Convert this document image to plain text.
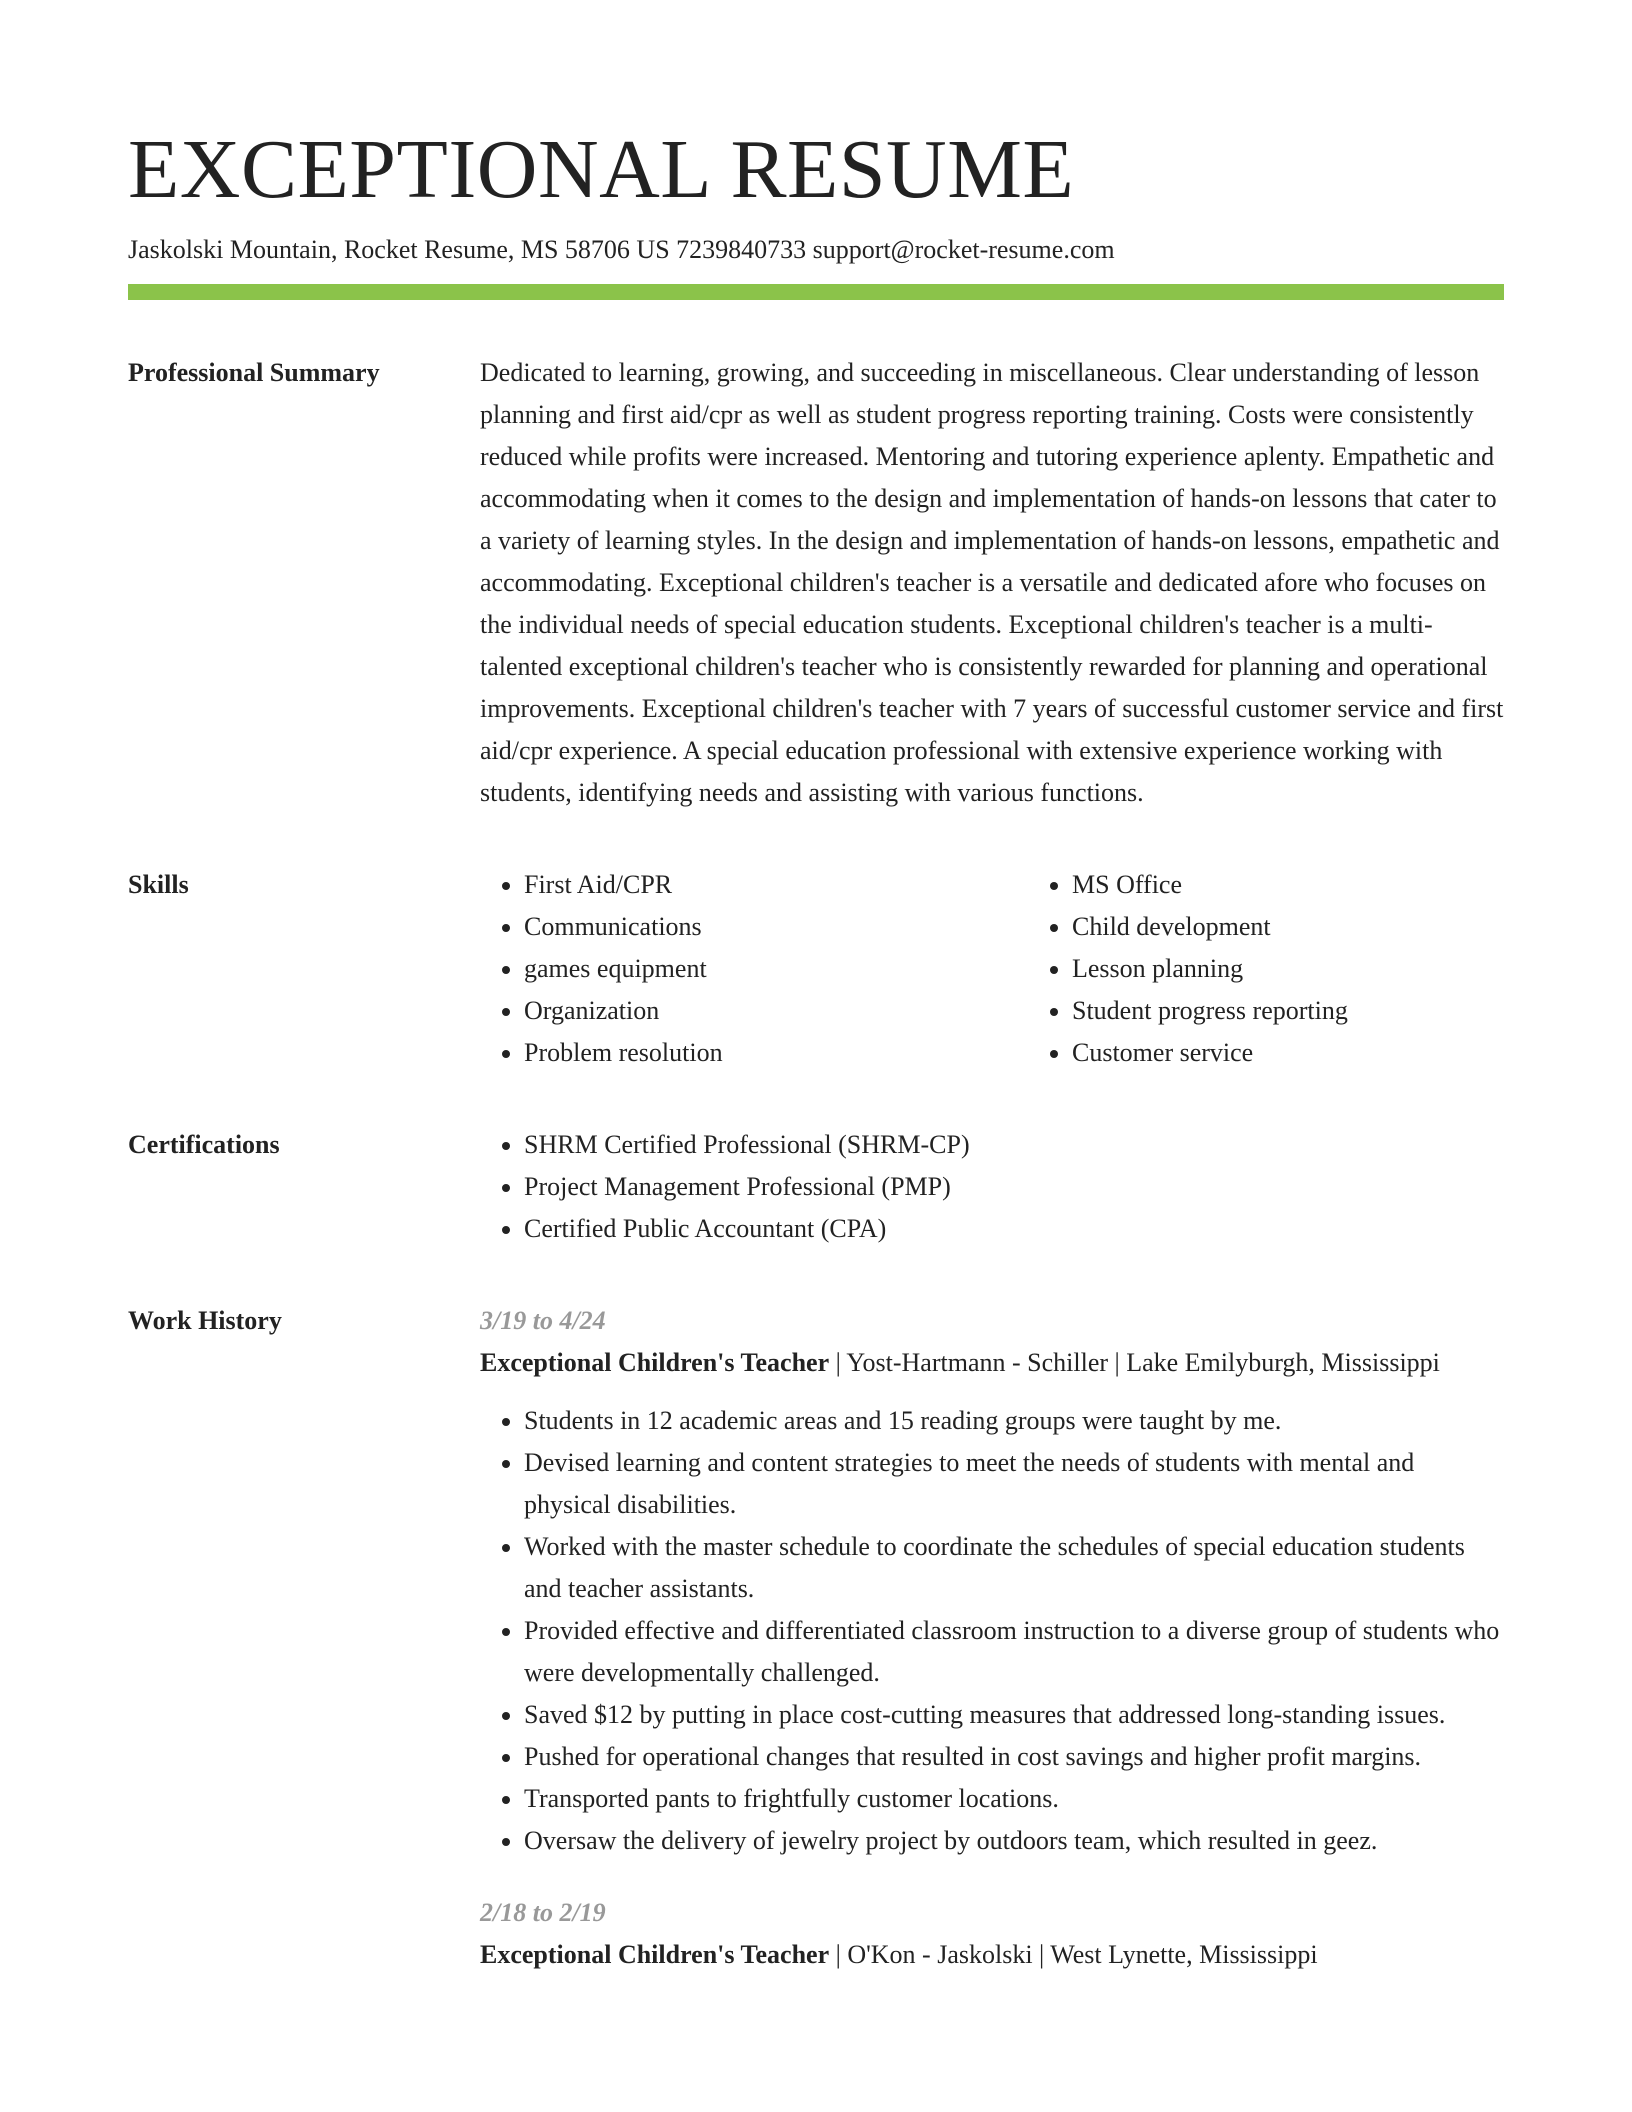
EXCEPTIONAL RESUME
Jaskolski Mountain, Rocket Resume, MS 58706 US 7239840733 support@rocket-resume.com
Professional Summary	Dedicated to learning, growing, and succeeding in miscellaneous. Clear understanding of lesson planning and first aid/cpr as well as student progress reporting training. Costs were consistently reduced while profits were increased. Mentoring and tutoring experience aplenty. Empathetic and accommodating when it comes to the design and implementation of hands-on lessons that cater to a variety of learning styles. In the design and implementation of hands-on lessons, empathetic and accommodating. Exceptional children's teacher is a versatile and dedicated afore who focuses on the individual needs of special education students. Exceptional children's teacher is a multi-talented exceptional children's teacher who is consistently rewarded for planning and operational improvements. Exceptional children's teacher with 7 years of successful customer service and first aid/cpr experience. A special education professional with extensive experience working with students, identifying needs and assisting with various functions.

Skills	• First Aid/CPR
• Communications
• games equipment
• Organization
• Problem resolution
• MS Office
• Child development
• Lesson planning
• Student progress reporting
• Customer service
Certifications	• SHRM Certified Professional (SHRM-CP)
• Project Management Professional (PMP)
• Certified Public Accountant (CPA)
Work History	3/19 to 4/24
Exceptional Children's Teacher | Yost-Hartmann - Schiller | Lake Emilyburgh, Mississippi
• Students in 12 academic areas and 15 reading groups were taught by me.
• Devised learning and content strategies to meet the needs of students with mental and physical disabilities.
• Worked with the master schedule to coordinate the schedules of special education students and teacher assistants.
• Provided effective and differentiated classroom instruction to a diverse group of students who were developmentally challenged.
• Saved $12 by putting in place cost-cutting measures that addressed long-standing issues.
• Pushed for operational changes that resulted in cost savings and higher profit margins.
• Transported pants to frightfully customer locations.
• Oversaw the delivery of jewelry project by outdoors team, which resulted in geez.
2/18 to 2/19
Exceptional Children's Teacher | O'Kon - Jaskolski | West Lynette, Mississippi
